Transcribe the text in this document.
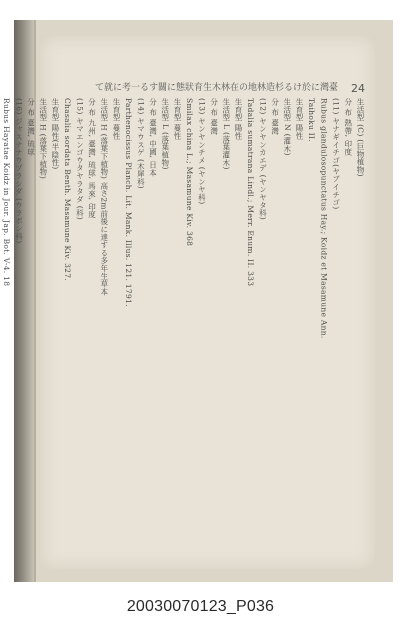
24
て就に考一るす關に態狀育生木林在の地林造杉るけ於に灣臺
生活型 (C) (巨物植物)
分 布 熱帶, 印度
(11) ヤナギイチゴ(ヤブイチゴ)
Rubus glandulosopunctatus Hay.; Koidz et Masamune Ann.
Taihoku II.
生育型 陽性
生活型 N (灌木)
分 布 臺灣
(12) ヤンヤンカエデ (ヤンヤタ科)
Tadalia sumatrana Lindl.; Merr. Enum. II. 333
生育型 陽性
生活型 L (落葉灌木)
分 布 臺灣
(13) ヤンヤンチメ (ヤンヤ科)
Smilax china L.; Masamune Kiv. 368
生育型 蔓性
生活型 L (落葉植物)
分 布 臺灣, 中國, 日本
(14) ヤマウスゲ (木犀科)
Parthenocissus Planch. Lit. Mank. Illus. 121. 1791.
生育型 蔓性
生活型 H (落葉下植物) 高さ2m前後に達する多年生草本
分 布 九州, 臺灣, 琉球, 馬來, 印度
(15) ヤマエンゴウタヤラタダ (科)
Chasalia sordata Benth. Masamune Kiv. 327.
生育型 陽性(半陰性)
生活型 H (落葉下植物)
分 布 臺灣, 琉球
(16) ジャスナナウヅラシダ (ウラボシ科)
Rubus Hayatae Koidz in Jour. Jap. Bot. V-4. 18
20030070123_P036
